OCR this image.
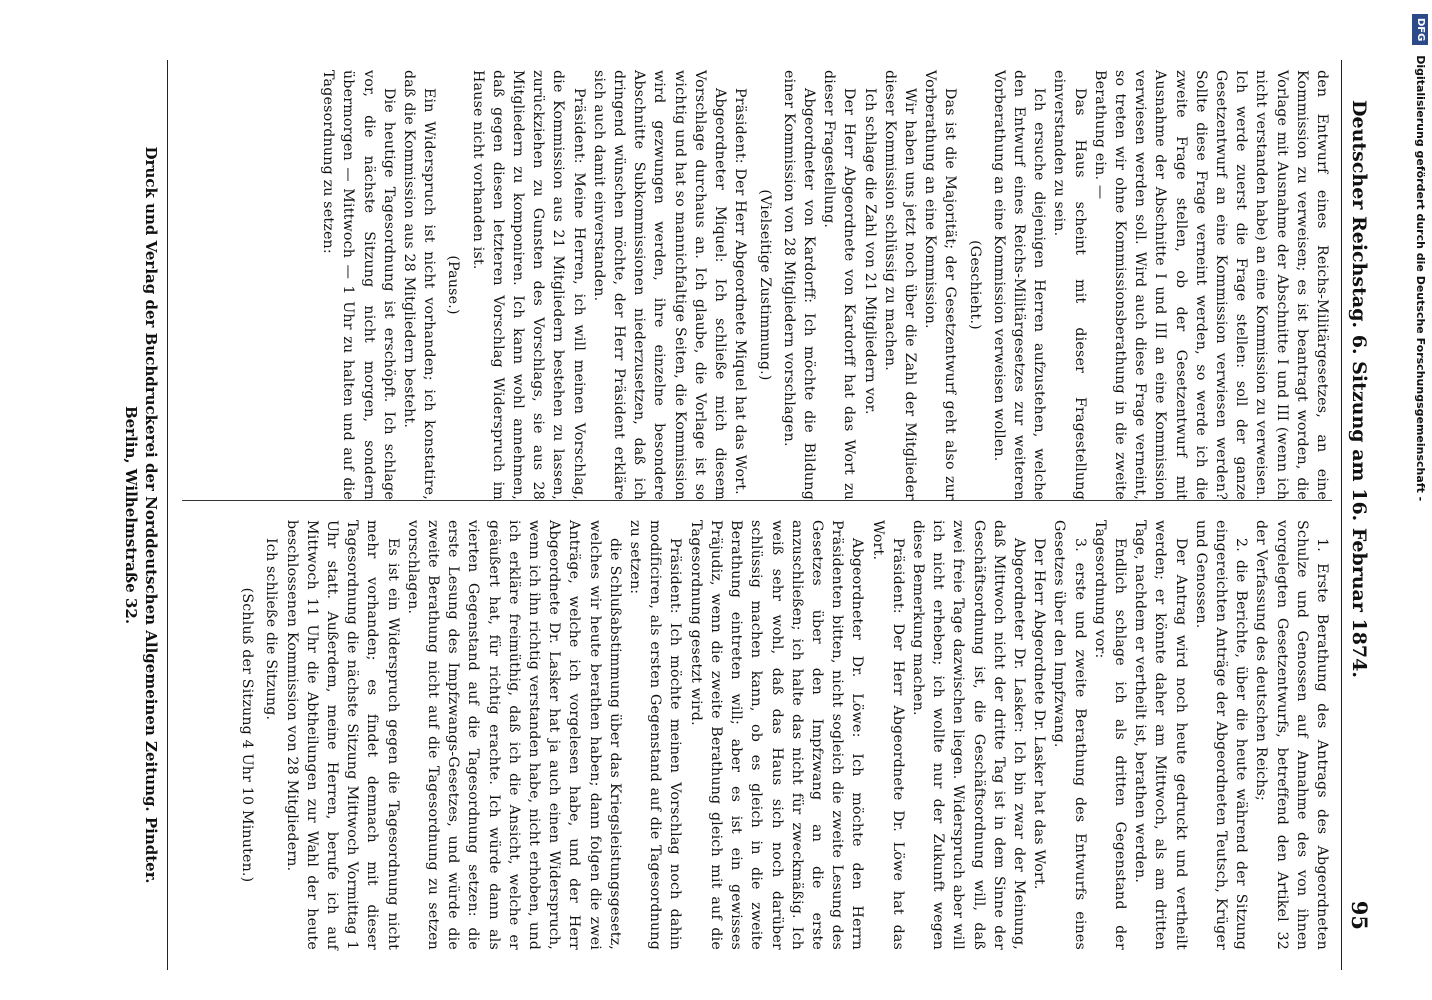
Deutscher Reichstag. 6. Sitzung am 16. Februar 1874.
95

den Entwurf eines Reichs-Militärgesetzes, an eine Kommission zu verweisen; es ist beantragt worden, die Vorlage mit Ausnahme der Abschnitte I und III (wenn ich nicht verstanden habe) an eine Kommission zu verweisen. Ich werde zuerst die Frage stellen: soll der ganze Gesetzentwurf an eine Kommission verwiesen werden? Sollte diese Frage verneint werden, so werde ich die zweite Frage stellen, ob der Gesetzentwurf mit Ausnahme der Abschnitte I und III an eine Kommission verwiesen werden soll. Wird auch diese Frage verneint, so treten wir ohne Kommissionsberathung in die zweite Berathung ein. —

Das Haus scheint mit dieser Fragestellung einverstanden zu sein.

Ich ersuche diejenigen Herren aufzustehen, welche den Entwurf eines Reichs-Militärgesetzes zur weiteren Vorberathung an eine Kommission verweisen wollen.

(Geschieht.)

Das ist die Majorität; der Gesetzentwurf geht also zur Vorberathung an eine Kommission.

Wir haben uns jetzt noch über die Zahl der Mitglieder dieser Kommission schlüssig zu machen.

Ich schlage die Zahl von 21 Mitgliedern vor.

Der Herr Abgeordnete von Kardorff hat das Wort zu dieser Fragestellung.

Abgeordneter von Kardorff: Ich möchte die Bildung einer Kommission von 28 Mitgliedern vorschlagen.

(Vielseitige Zustimmung.)

Präsident: Der Herr Abgeordnete Miquel hat das Wort.

Abgeordneter Miquel: Ich schließe mich diesem Vorschlage durchaus an. Ich glaube, die Vorlage ist so wichtig und hat so mannichfaltige Seiten, die Kommission wird gezwungen werden, ihre einzelne besondere Abschnitte Subkommissionen niederzusetzen, daß ich dringend wünschen möchte, der Herr Präsident erkläre sich auch damit einverstanden.

Präsident: Meine Herren, ich will meinen Vorschlag, die Kommission aus 21 Mitgliedern bestehen zu lassen, zurückziehen zu Gunsten des Vorschlags, sie aus 28 Mitgliedern zu komponiren. Ich kann wohl annehmen, daß gegen diesen letzteren Vorschlag Widerspruch im Hause nicht vorhanden ist.

(Pause.)

Ein Widerspruch ist nicht vorhanden; ich konstatire, daß die Kommission aus 28 Mitgliedern besteht.

Die heutige Tagesordnung ist erschöpft. Ich schlage vor, die nächste Sitzung nicht morgen, sondern übermorgen — Mittwoch — 1 Uhr zu halten und auf die Tagesordnung zu setzen:

1. Erste Berathung des Antrags des Abgeordneten Schulze und Genossen auf Annahme des von ihnen vorgelegten Gesetzentwurfs, betreffend den Artikel 32 der Verfassung des deutschen Reichs;

2. die Berichte, über die heute während der Sitzung eingereichten Anträge der Abgeordneten Teutsch, Krüger und Genossen.

Der Antrag wird noch heute gedruckt und vertheilt werden; er könnte daher am Mittwoch, als am dritten Tage, nachdem er vertheilt ist, berathen werden.

Endlich schlage ich als dritten Gegenstand der Tagesordnung vor:

3. erste und zweite Berathung des Entwurfs eines Gesetzes über den Impfzwang.

Der Herr Abgeordnete Dr. Lasker hat das Wort.

Abgeordneter Dr. Lasker: Ich bin zwar der Meinung, daß Mittwoch nicht der dritte Tag ist in dem Sinne der Geschäftsordnung ist, die Geschäftsordnung will, daß zwei freie Tage dazwischen liegen. Widerspruch aber will ich nicht erheben; ich wollte nur der Zukunft wegen diese Bemerkung machen.

Präsident: Der Herr Abgeordnete Dr. Löwe hat das Wort.

Abgeordneter Dr. Löwe: Ich möchte den Herrn Präsidenten bitten, nicht sogleich die zweite Lesung des Gesetzes über den Impfzwang an die erste anzuschließen; ich halte das nicht für zweckmäßig. Ich weiß sehr wohl, daß das Haus sich noch darüber schlüssig machen kann, ob es gleich in die zweite Berathung eintreten will; aber es ist ein gewisses Präjudiz, wenn die zweite Berathung gleich mit auf die Tagesordnung gesetzt wird.

Präsident: Ich möchte meinen Vorschlag noch dahin modificiren, als ersten Gegenstand auf die Tagesordnung zu setzen:

die Schlußabstimmung über das Kriegsleistungsgesetz, welches wir heute berathen haben; dann folgen die zwei Anträge, welche ich vorgelesen habe, und der Herr Abgeordnete Dr. Lasker hat ja auch einen Widerspruch, wenn ich ihn richtig verstanden habe, nicht erhoben, und ich erkläre freimüthig, daß ich die Ansicht, welche er geäußert hat, für richtig erachte. Ich würde dann als vierten Gegenstand auf die Tagesordnung setzen: die erste Lesung des Impfzwangs-Gesetzes, und würde die zweite Berathung nicht auf die Tagesordnung zu setzen vorschlagen.

Es ist ein Widerspruch gegen die Tagesordnung nicht mehr vorhanden; es findet demnach mit dieser Tagesordnung die nächste Sitzung Mittwoch Vormittag 1 Uhr statt. Außerdem, meine Herren, berufe ich auf Mittwoch 11 Uhr die Abtheilungen zur Wahl der heute beschlossenen Kommission von 28 Mitgliedern.

Ich schließe die Sitzung.

(Schluß der Sitzung 4 Uhr 10 Minuten.)

Druck und Verlag der Buchdruckerei der Norddeutschen Allgemeinen Zeitung. Pindter.
Berlin, Wilhelmstraße 32.
DFG Digitalisierung gefördert durch die Deutsche Forschungsgemeinschaft -
